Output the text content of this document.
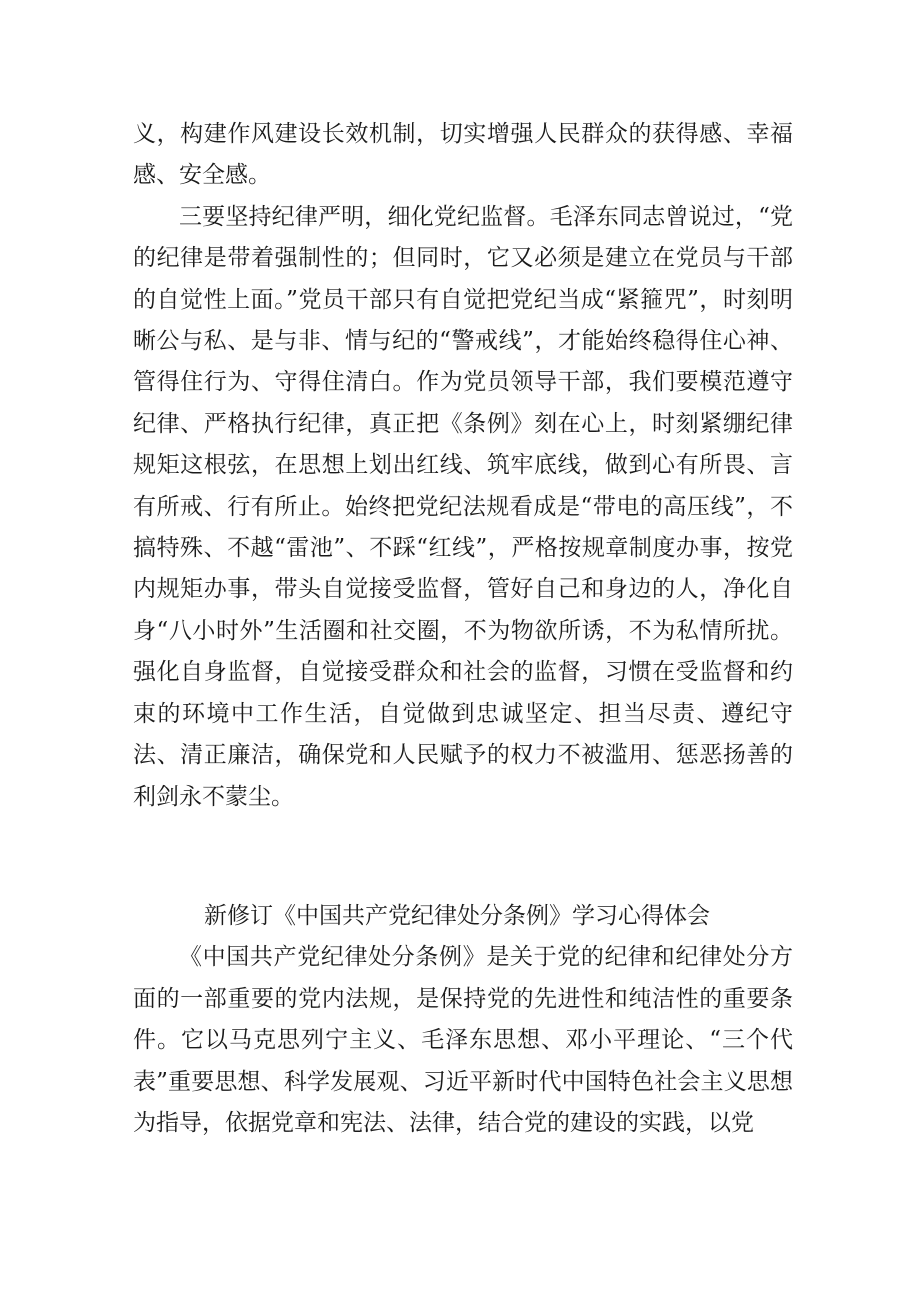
义，构建作风建设长效机制，切实增强人民群众的获得感、幸福感、安全感。

三要坚持纪律严明，细化党纪监督。毛泽东同志曾说过，“党的纪律是带着强制性的；但同时，它又必须是建立在党员与干部的自觉性上面。”党员干部只有自觉把党纪当成“紧箍咒”，时刻明晰公与私、是与非、情与纪的“警戒线”，才能始终稳得住心神、管得住行为、守得住清白。作为党员领导干部，我们要模范遵守纪律、严格执行纪律，真正把《条例》刻在心上，时刻紧绷纪律规矩这根弦，在思想上划出红线、筑牢底线，做到心有所畏、言有所戒、行有所止。始终把党纪法规看成是“带电的高压线”，不搞特殊、不越“雷池”、不踩“红线”，严格按规章制度办事，按党内规矩办事，带头自觉接受监督，管好自己和身边的人，净化自身“八小时外”生活圈和社交圈，不为物欲所诱，不为私情所扰。强化自身监督，自觉接受群众和社会的监督，习惯在受监督和约束的环境中工作生活，自觉做到忠诚坚定、担当尽责、遵纪守法、清正廉洁，确保党和人民赋予的权力不被滥用、惩恶扬善的利剑永不蒙尘。

新修订《中国共产党纪律处分条例》学习心得体会

《中国共产党纪律处分条例》是关于党的纪律和纪律处分方面的一部重要的党内法规，是保持党的先进性和纯洁性的重要条件。它以马克思列宁主义、毛泽东思想、邓小平理论、“三个代表”重要思想、科学发展观、习近平新时代中国特色社会主义思想为指导，依据党章和宪法、法律，结合党的建设的实践，以党
